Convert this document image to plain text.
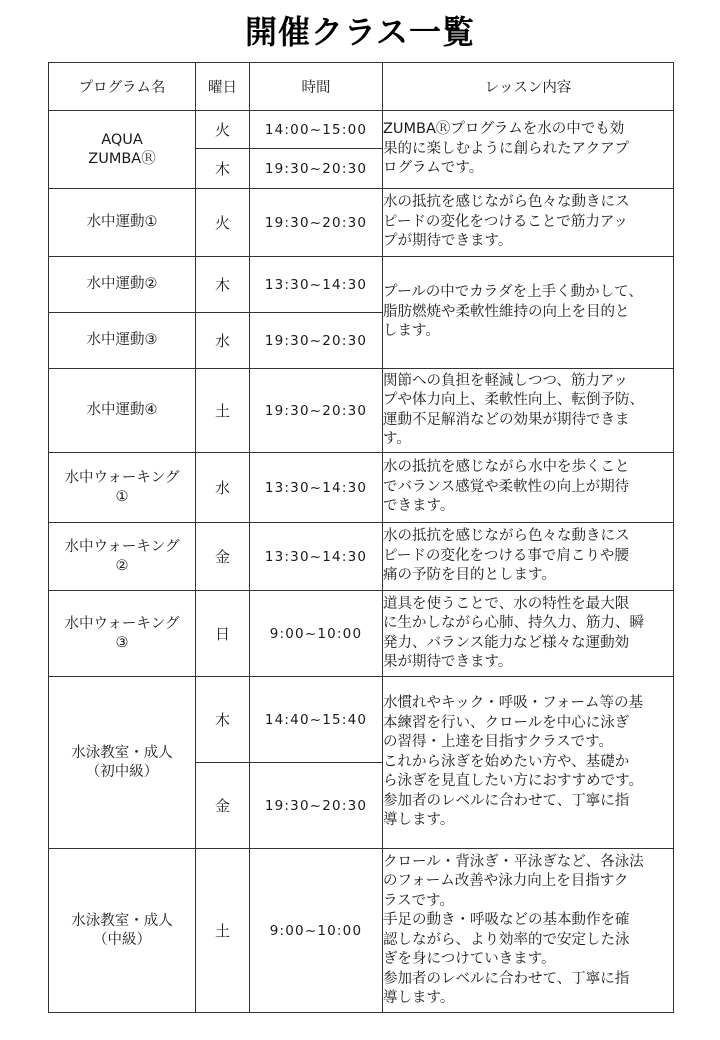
開催クラス一覧
プログラム名	曜日	時間	レッスン内容

AQUA
ZUMBAⓇ	火	14:00~15:00	ZUMBAⓇプログラムを水の中でも効
果的に楽しむように創られたアクアプ
ログラムです。

	木	19:30~20:30	
水中運動①	火	19:30~20:30	水の抵抗を感じながら色々な動きにス
ピードの変化をつけることで筋力アッ
プが期待できます。

水中運動②	木	13:30~14:30	プールの中でカラダを上手く動かして、
脂肪燃焼や柔軟性維持の向上を目的と
します。

水中運動③	水	19:30~20:30	
水中運動④	土	19:30~20:30	関節への負担を軽減しつつ、筋力アッ
プや体力向上、柔軟性向上、転倒予防、
運動不足解消などの効果が期待できま
す。

水中ウォーキング
①	水	13:30~14:30	水の抵抗を感じながら水中を歩くこと
でバランス感覚や柔軟性の向上が期待
できます。

水中ウォーキング
②	金	13:30~14:30	水の抵抗を感じながら色々な動きにス
ピードの変化をつける事で肩こりや腰
痛の予防を目的とします。

水中ウォーキング
③	日	9:00~10:00	道具を使うことで、水の特性を最大限
に生かしながら心肺、持久力、筋力、瞬
発力、バランス能力など様々な運動効
果が期待できます。

水泳教室・成人
（初中級）
	木	14:40~15:40	
水慣れやキック・呼吸・フォーム等の基
本練習を行い、クロールを中心に泳ぎ
の習得・上達を目指すクラスです。
これから泳ぎを始めたい方や、基礎か
ら泳ぎを見直したい方におすすめです。
参加者のレベルに合わせて、丁寧に指
導します。

	金	19:30~20:30	

水泳教室・成人
（中級）	土	9:00~10:00	
クロール・背泳ぎ・平泳ぎなど、各泳法
のフォーム改善や泳力向上を目指すク
ラスです。
手足の動き・呼吸などの基本動作を確
認しながら、より効率的で安定した泳
ぎを身につけていきます。
参加者のレベルに合わせて、丁寧に指
導します。
